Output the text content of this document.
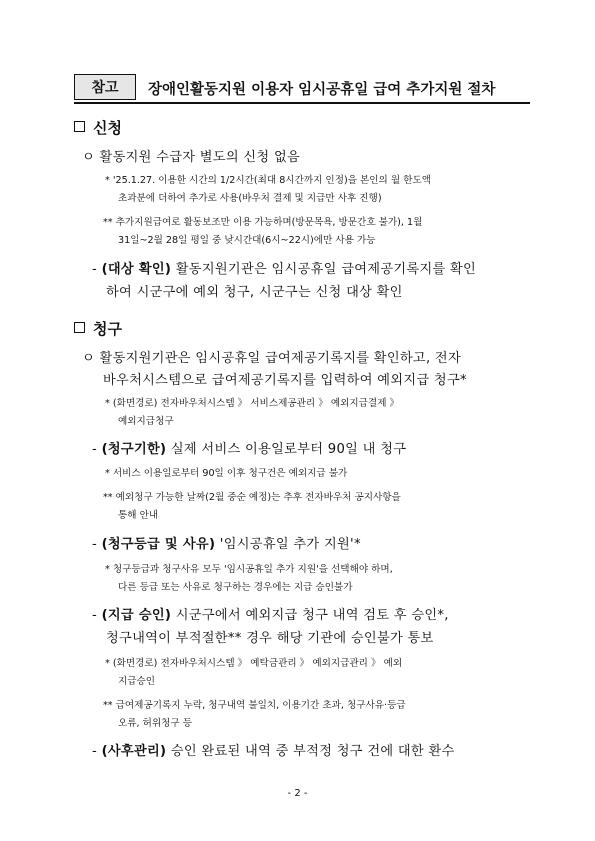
참고	장애인활동지원 이용자 임시공휴일 급여 추가지원 절차
신청
ㅇ 활동지원 수급자 별도의 신청 없음
* '25.1.27. 이용한 시간의 1/2시간(최대 8시간까지 인정)을 본인의 월 한도액
초과분에 더하여 추가로 사용(바우처 결제 및 지급만 사후 진행)
** 추가지원급여로 활동보조만 이용 가능하며(방문목욕, 방문간호 불가), 1월
31일~2월 28일 평일 중 낮시간대(6시~22시)에만 사용 가능
- (대상 확인) 활동지원기관은 임시공휴일 급여제공기록지를 확인
하여 시군구에 예외 청구, 시군구는 신청 대상 확인
청구
ㅇ 활동지원기관은 임시공휴일 급여제공기록지를 확인하고, 전자
바우처시스템으로 급여제공기록지를 입력하여 예외지급 청구*
* (화면경로) 전자바우처시스템 》 서비스제공관리 》 예외지급결제 》
예외지급청구
- (청구기한) 실제 서비스 이용일로부터 90일 내 청구
* 서비스 이용일로부터 90일 이후 청구건은 예외지급 불가
** 예외청구 가능한 날짜(2월 중순 예정)는 추후 전자바우처 공지사항을
통해 안내
- (청구등급 및 사유) '임시공휴일 추가 지원'*
* 청구등급과 청구사유 모두 '임시공휴일 추가 지원'을 선택해야 하며,
다른 등급 또는 사유로 청구하는 경우에는 지급 승인불가
- (지급 승인) 시군구에서 예외지급 청구 내역 검토 후 승인*,
청구내역이 부적절한** 경우 해당 기관에 승인불가 통보
* (화면경로) 전자바우처시스템 》 예탁금관리 》 예외지급관리 》 예외
지급승인
** 급여제공기록지 누락, 청구내역 불일치, 이용기간 초과, 청구사유·등급
오류, 허위청구 등
- (사후관리) 승인 완료된 내역 중 부적정 청구 건에 대한 환수
- 2 -
